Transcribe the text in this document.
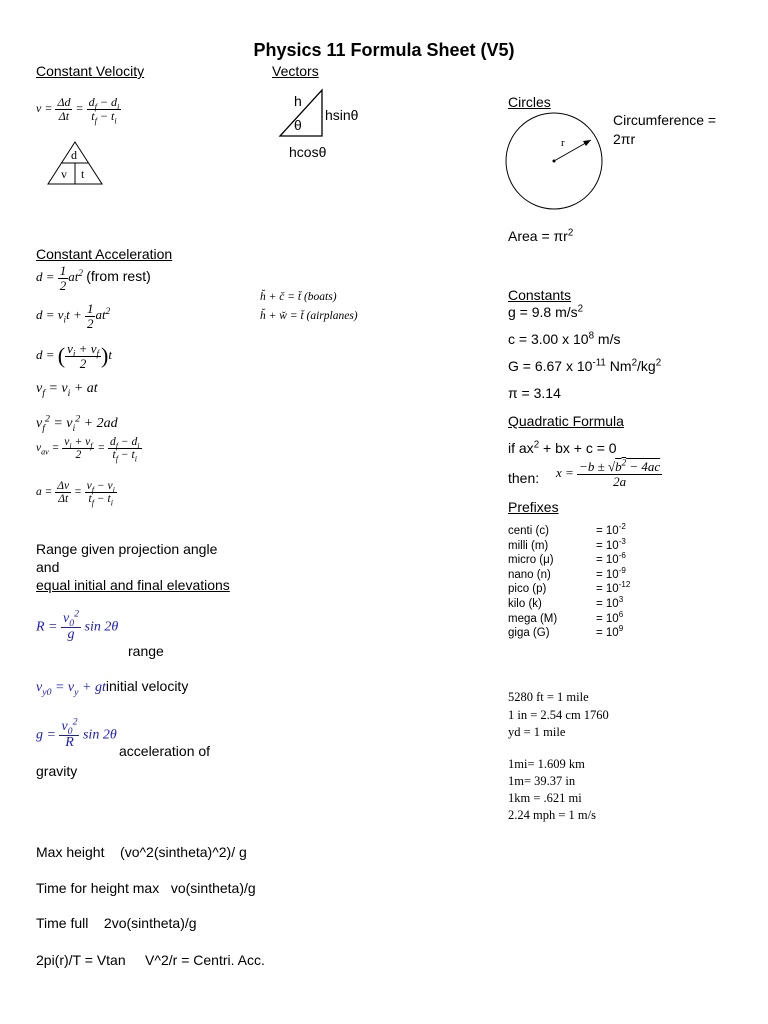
Physics 11 Formula Sheet (V5)
Constant Velocity	Vectors
Circles
$v = \frac{\Delta d}{\Delta t} = \frac{d_f - d_i}{t_f - t_i}$
d
v t
h
θ
hsinθ
hcosθ
r
Circumference =
2πr
Area = $\pi r^2$
Constant Acceleration
$d = \frac{1}{2} at^2$ (from rest)
$d = v_it + \frac{1}{2} at^2$
d = ( $\frac{v_i + v_f}{2} )t$
$v_f = v_i$ + at
$v_f^2 = v_i^2 + 2ad$
$v_{av} = \frac{v_i + v_f}{2} = \frac{d_f - d_i}{t_f - t_i}$
$a = \frac{\Delta v}{\Delta t} = \frac{v_f - v_i}{t_f - t_i}$
h̆ + c̆ = t̆ (boats)
h̆ + w̆ = t̆ (airplanes)
Constants
g = 9.8 $m/s^2$
c = 3.00 x $10^8$ m/s
G = 6.67 x $10^{-11}$ $Nm^2/kg^2$
π = 3.14
Quadratic Formula
if $ax^2$ + bx + c = 0
then: $x = \frac{-b \pm √b^2 - 4ac}{2a}$
Prefixes
centi (c)	= $10^{-2}$
milli (m)	= $10^{-3}$
micro (μ)	= $10^{-6}$
nano (n)	= $10^{-9}$
pico (p)	= $10^{-12}$
kilo (k)	= $10^3$
mega (M)	= $10^6$
giga (G)	= $10^9$
5280 ft = 1 mile
1 in = 2.54 cm 1760
yd = 1 mile
1mi= 1.609 km
1m= 39.37 in
1km = .621 mi
2.24 mph = 1 m/s
Range given projection angle
and
equal initial and final elevations
$R = \frac{v_0^2}{g}$ sin 2θ
range
$v_{y0} = v_y$ + gtinitial velocity
$g = \frac{v_0^2}{R}$ sin 2θ
acceleration of
gravity
Max height    (vo^2(sintheta)^2)/ g
Time for height max   vo(sintheta)/g
Time full    2vo(sintheta)/g
2pi(r)/T = Vtan     V^2/r = Centri. Acc.
